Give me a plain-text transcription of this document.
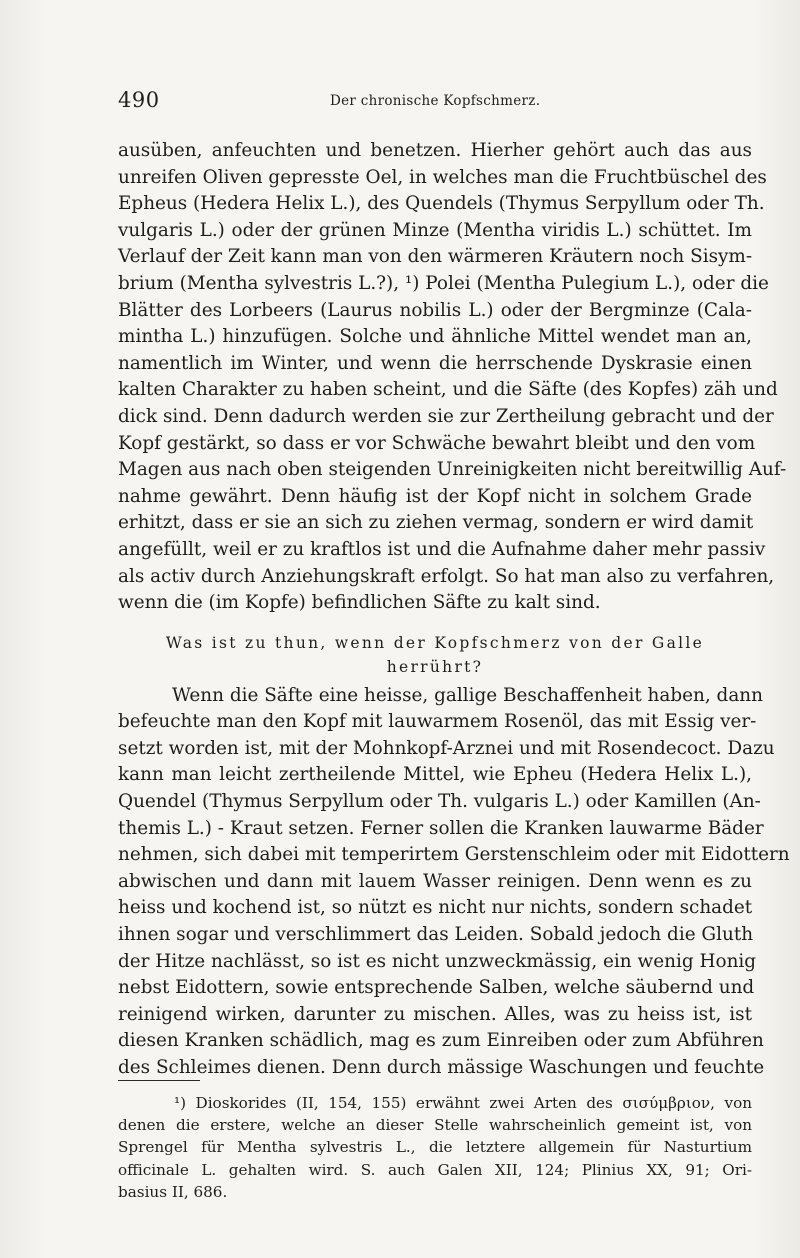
490	Der chronische Kopfschmerz.
ausüben, anfeuchten und benetzen. Hierher gehört auch das aus
unreifen Oliven gepresste Oel, in welches man die Fruchtbüschel des
Epheus (Hedera Helix L.), des Quendels (Thymus Serpyllum oder Th.
vulgaris L.) oder der grünen Minze (Mentha viridis L.) schüttet. Im
Verlauf der Zeit kann man von den wärmeren Kräutern noch Sisym-
brium (Mentha sylvestris L.?), ¹) Polei (Mentha Pulegium L.), oder die
Blätter des Lorbeers (Laurus nobilis L.) oder der Bergminze (Cala-
mintha L.) hinzufügen. Solche und ähnliche Mittel wendet man an,
namentlich im Winter, und wenn die herrschende Dyskrasie einen
kalten Charakter zu haben scheint, und die Säfte (des Kopfes) zäh und
dick sind. Denn dadurch werden sie zur Zertheilung gebracht und der
Kopf gestärkt, so dass er vor Schwäche bewahrt bleibt und den vom
Magen aus nach oben steigenden Unreinigkeiten nicht bereitwillig Auf-
nahme gewährt. Denn häufig ist der Kopf nicht in solchem Grade
erhitzt, dass er sie an sich zu ziehen vermag, sondern er wird damit
angefüllt, weil er zu kraftlos ist und die Aufnahme daher mehr passiv
als activ durch Anziehungskraft erfolgt. So hat man also zu verfahren,
wenn die (im Kopfe) befindlichen Säfte zu kalt sind.
Was ist zu thun, wenn der Kopfschmerz von der Galle
herrührt?
Wenn die Säfte eine heisse, gallige Beschaffenheit haben, dann
befeuchte man den Kopf mit lauwarmem Rosenöl, das mit Essig ver-
setzt worden ist, mit der Mohnkopf-Arznei und mit Rosendecoct. Dazu
kann man leicht zertheilende Mittel, wie Epheu (Hedera Helix L.),
Quendel (Thymus Serpyllum oder Th. vulgaris L.) oder Kamillen (An-
themis L.) - Kraut setzen. Ferner sollen die Kranken lauwarme Bäder
nehmen, sich dabei mit temperirtem Gerstenschleim oder mit Eidottern
abwischen und dann mit lauem Wasser reinigen. Denn wenn es zu
heiss und kochend ist, so nützt es nicht nur nichts, sondern schadet
ihnen sogar und verschlimmert das Leiden. Sobald jedoch die Gluth
der Hitze nachlässt, so ist es nicht unzweckmässig, ein wenig Honig
nebst Eidottern, sowie entsprechende Salben, welche säubernd und
reinigend wirken, darunter zu mischen. Alles, was zu heiss ist, ist
diesen Kranken schädlich, mag es zum Einreiben oder zum Abführen
des Schleimes dienen. Denn durch mässige Waschungen und feuchte
¹) Dioskorides (II, 154, 155) erwähnt zwei Arten des σισύμβριον, von
denen die erstere, welche an dieser Stelle wahrscheinlich gemeint ist, von
Sprengel für Mentha sylvestris L., die letztere allgemein für Nasturtium
officinale L. gehalten wird. S. auch Galen XII, 124; Plinius XX, 91; Ori-
basius II, 686.
